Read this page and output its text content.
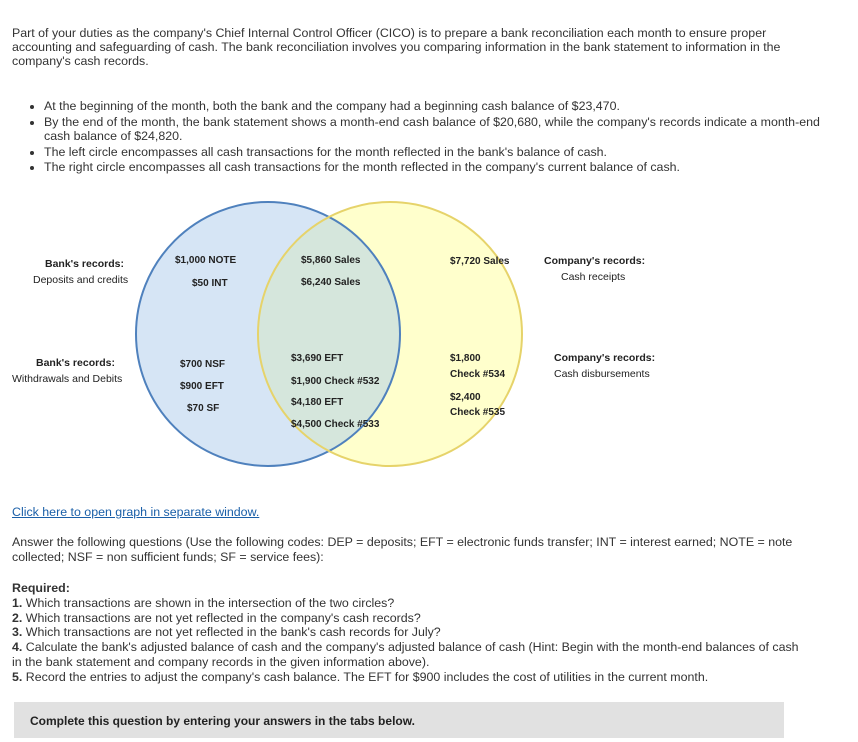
Part of your duties as the company's Chief Internal Control Officer (CICO) is to prepare a bank reconciliation each month to ensure proper accounting and safeguarding of cash. The bank reconciliation involves you comparing information in the bank statement to information in the company's cash records.
• At the beginning of the month, both the bank and the company had a beginning cash balance of $23,470.
• By the end of the month, the bank statement shows a month-end cash balance of $20,680, while the company's records indicate a month-end cash balance of $24,820.
• The left circle encompasses all cash transactions for the month reflected in the bank's balance of cash.
• The right circle encompasses all cash transactions for the month reflected in the company's current balance of cash.
Bank's records:
Deposits and credits
Bank's records:
Withdrawals and Debits
Company's records:
Cash receipts
Company's records:
Cash disbursements
$1,000 NOTE
$50 INT
$700 NSF
$900 EFT
$70 SF
$5,860 Sales
$6,240 Sales
$3,690 EFT
$1,900 Check #532
$4,180 EFT
$4,500 Check #533
$7,720 Sales
$1,800
Check #534
$2,400
Check #535
Click here to open graph in separate window.
Answer the following questions (Use the following codes: DEP = deposits; EFT = electronic funds transfer; INT = interest earned; NOTE = note collected; NSF = non sufficient funds; SF = service fees):
Required:
1. Which transactions are shown in the intersection of the two circles?
2. Which transactions are not yet reflected in the company's cash records?
3. Which transactions are not yet reflected in the bank's cash records for July?
4. Calculate the bank's adjusted balance of cash and the company's adjusted balance of cash (Hint: Begin with the month-end balances of cash in the bank statement and company records in the given information above).
5. Record the entries to adjust the company's cash balance. The EFT for $900 includes the cost of utilities in the current month.
Complete this question by entering your answers in the tabs below.
